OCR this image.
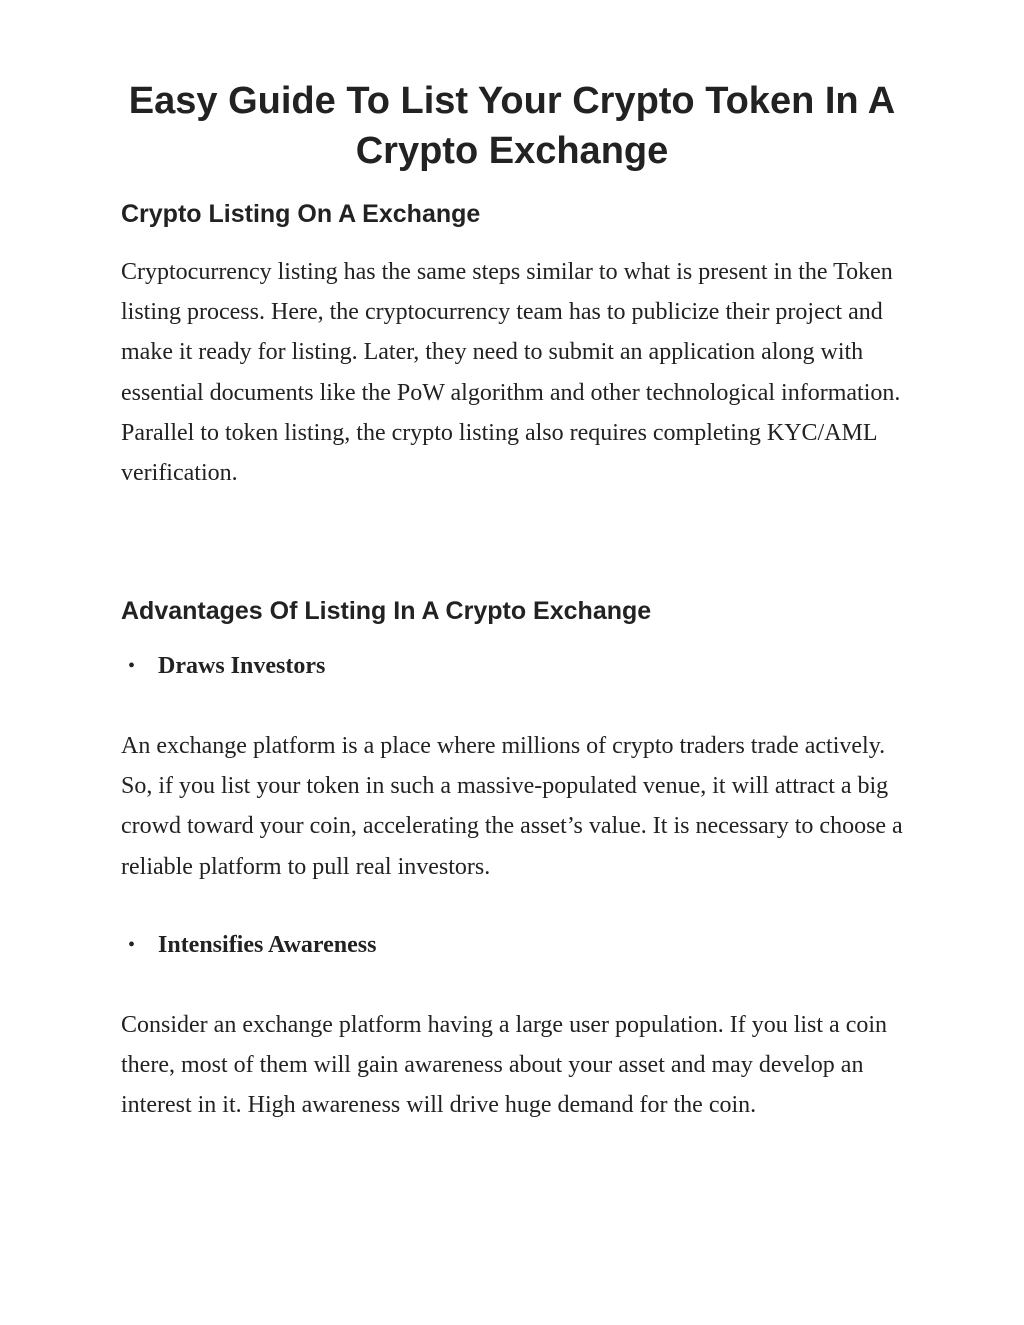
Easy Guide To List Your Crypto Token In A Crypto Exchange
Crypto Listing On A Exchange

Cryptocurrency listing has the same steps similar to what is present in the Token listing process. Here, the cryptocurrency team has to publicize their project and make it ready for listing. Later, they need to submit an application along with essential documents like the PoW algorithm and other technological information. Parallel to token listing, the crypto listing also requires completing KYC/AML verification.

Advantages Of Listing In A Crypto Exchange
• Draws Investors

An exchange platform is a place where millions of crypto traders trade actively. So, if you list your token in such a massive-populated venue, it will attract a big crowd toward your coin, accelerating the asset’s value. It is necessary to choose a reliable platform to pull real investors.

• Intensifies Awareness

Consider an exchange platform having a large user population. If you list a coin there, most of them will gain awareness about your asset and may develop an interest in it. High awareness will drive huge demand for the coin.
